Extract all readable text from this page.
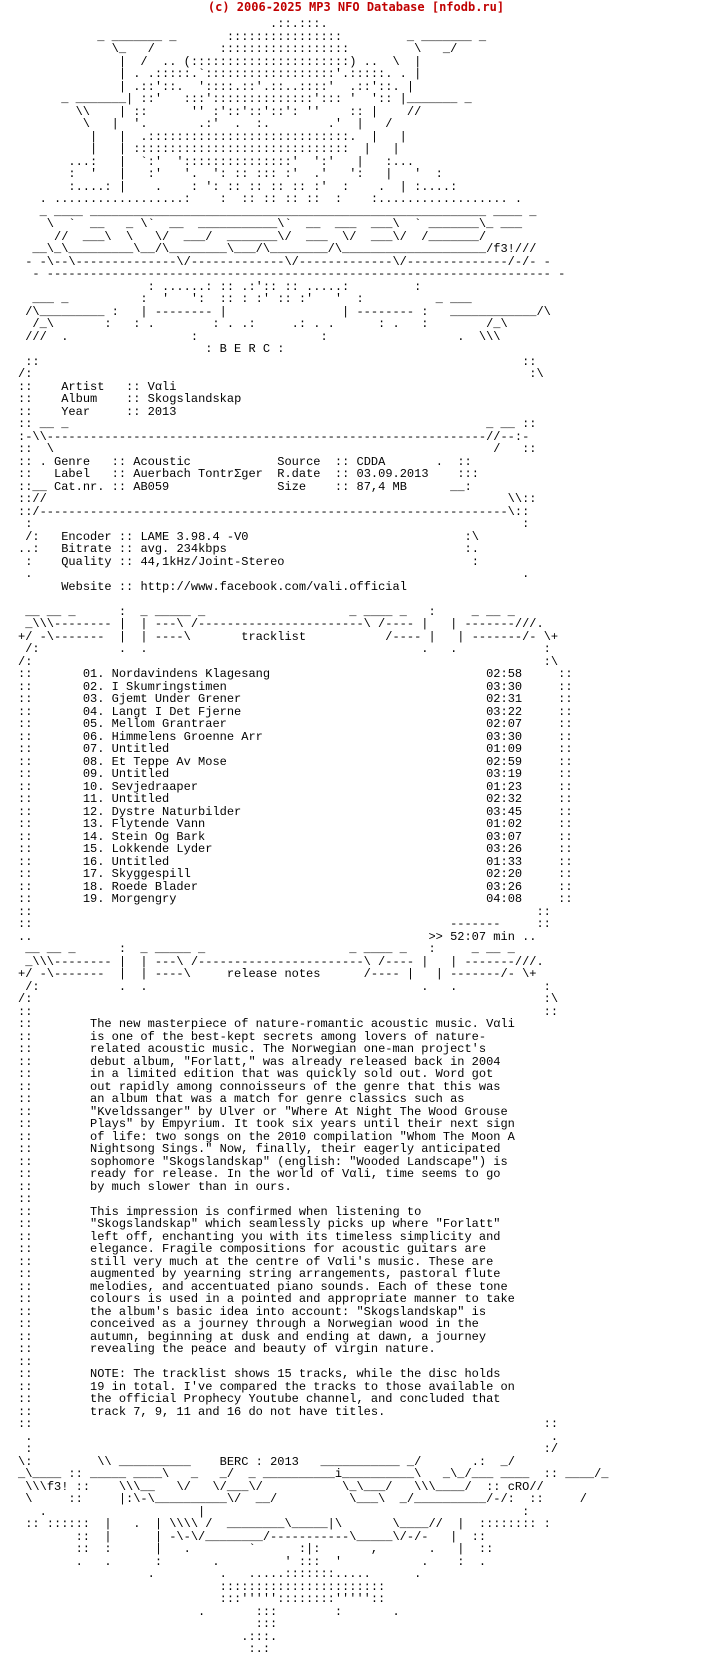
(c) 2006-2025 MP3 NFO Database [nfodb.ru]
.::.:::.
_ _______ _       ::::::::::::::::         _ _______ _
\_   /         ::::::::::::::::::         \   _/
|  /  .. (::::::::::::::::::::::) ..  \  |
| . .:::::.`::::::::::::::::::'.:::::. . |
| .::'::.  '::::.::'.::..::::'  .::'::. |
_ _______| ::'   :::'::::::::::::::'::: '  ':: |_______ _
\\    | ::      '' :'::'::'::': ''    :: |    //
\   |  '.       .:'  .  :.        .'  |   /
|   |  .::::::::::::::::::::::::::::.  |   |
|   | ::::::::::::::::::::::::::::::  |   |
...:   |  `:'  ':::::::::::::::'  ':'   |   :...
:  '   |   :'   '.  ': :: ::: :'  .'   ':   |   '  :
:....: |    .    : ': :: :: :: :: :'  :    .  | :....:
. ..................:    :  :: :: :: ::  :    :.................. .
_ ____ _______________________________________________________ ____ _
\  `  __   _ \`  __  ___________\`  __  ___  ___\  ` _______\_ ___
//  ___\  \   \/  ___/  _______\/  ___  \/  ___\/  /_______/
__\_\_________\__/\________\___/\________/\____________________/f3!///
- -\--\--------------\/-------------\/-------------\/--------------/-/- -
- ---------------------------------------------------------------------- -
: ......: :: .:':: :: .....:         :
___ _          :  '   ':  :: : :' :: :'   '  :          _ ___
/\_________ :   | -------- |                | -------- :   ____________/\
/_\       :   : .        : . .:     .: . .      : .   :        /_\
///  .                 :                 :                  .  \\\
: B E R C :
::                                                                   ::
/:                                                                     :\
::    Artist   :: Vαli
::    Album    :: Skogslandskap
::    Year     :: 2013
:: __ _                                                          _ __ ::
:-\\-------------------------------------------------------------//--:-
::  \                                                             /   ::
:: . Genre   :: Acoustic	Source  :: CDDA	.  ::
::   Label   :: Auerbach TontrΣger R.date  :: 03.09.2013    :::
::__ Cat.nr. :: AB059	Size    :: 87,4 MB	__:
:://                                                                \\::
::/-----------------------------------------------------------------\::
:                                                                    :
/:   Encoder :: LAME 3.98.4 -V0	:\
..:   Bitrate :: avg. 234kbps	:.
:    Quality :: 44,1kHz/Joint-Stereo	:
.                                                                    .
Website :: http://www.facebook.com/vali.official

__ __ _      :  _ _____ _                    _ ____ _   :     _ __ _
_\\\-------- |  | ---\ /-----------------------\ /---- |   | -------///.
+/ -\-------  |  | ----\	tracklist	/---- |   | -------/- \+
/:           .  .                                      .   .            :
/:                                                                       :\
::       01. Nordavindens Klagesang	02:58	::
::       02. I Skumringstimen	03:30	::
::       03. Gjemt Under Grener	02:31	::
::       04. Langt I Det Fjerne	03:22	::
::       05. Mellom Grantraer	02:07	::
::       06. Himmelens Groenne Arr	03:30	::
::       07. Untitled	01:09	::
::       08. Et Teppe Av Mose	02:59	::
::       09. Untitled	03:19	::
::       10. Sevjedraaper	01:23	::
::       11. Untitled	02:32	::
::       12. Dystre Naturbilder	03:45	::
::       13. Flytende Vann	01:02	::
::       14. Stein Og Bark	03:07	::
::       15. Lokkende Lyder	03:26	::
::       16. Untitled	01:33	::
::       17. Skyggespill	02:20	::
::       18. Roede Blader	03:26	::
::       19. Morgengry	04:08	::
::                                                                      ::
::                                                          -------     ::
..                                                       >> 52:07 min ..
__ __ _      :  _ _____ _                    _ ____ _   :     _ __ _
_\\\-------- |  | ---\ /-----------------------\ /---- |   | -------///.
+/ -\-------  |  | ----\	release notes	/---- |   | -------/- \+
/:           .  .                                      .   .            :
/:                                                                       :\
::                                                                       ::
::        The new masterpiece of nature-romantic acoustic music. Vαli
::        is one of the best-kept secrets among lovers of nature-
::        related acoustic music. The Norwegian one-man project's
::        debut album, "Forlatt," was already released back in 2004
::        in a limited edition that was quickly sold out. Word got
::        out rapidly among connoisseurs of the genre that this was
::        an album that was a match for genre classics such as
::        "Kveldssanger" by Ulver or "Where At Night The Wood Grouse
::        Plays" by Empyrium. It took six years until their next sign
::        of life: two songs on the 2010 compilation "Whom The Moon A
::        Nightsong Sings." Now, finally, their eagerly anticipated
::        sophomore "Skogslandskap" (english: "Wooded Landscape") is
::        ready for release. In the world of Vαli, time seems to go
::        by much slower than in ours.
::
::        This impression is confirmed when listening to
::        "Skogslandskap" which seamlessly picks up where "Forlatt"
::        left off, enchanting you with its timeless simplicity and
::        elegance. Fragile compositions for acoustic guitars are
::        still very much at the centre of Vαli's music. These are
::        augmented by yearning string arrangements, pastoral flute
::        melodies, and accentuated piano sounds. Each of these tone
::        colours is used in a pointed and appropriate manner to take
::        the album's basic idea into account: "Skogslandskap" is
::        conceived as a journey through a Norwegian wood in the
::        autumn, beginning at dusk and ending at dawn, a journey
::        revealing the peace and beauty of virgin nature.
::
::        NOTE: The tracklist shows 15 tracks, while the disc holds
::        19 in total. I've compared the tracks to those available on
::        the official Prophecy Youtube channel, and concluded that
::        track 7, 9, 11 and 16 do not have titles.
::                                                                       ::
.                                                                        .
:                                                                       :/
\:         \\ __________    BERC : 2013   ___________ _/       .:  _/
_\____ :: _____ ____\   _   _/  _ __________i__________\   _\_/___ ____  :: ____/_
\\\f3! ::    \\\__   \/   \/___\/           \_\___/   \\\____/  :: cRO//
\     ::     |:\-\__________\/  __/          \___\  _/__________/-/:  ::     /
.                     |                                            :
:: ::::::  |   .  | \\\\ /  ________\_____|\       \____//  |  :::::::: :
::  |      | -\-\/________/-----------\_____\/-/-   |  ::
::  :      |   .        `      :|:       ,       .   |  ::
.   .      :       .         ' :::  '           .    :  .
.         .   .....:::::::.....      .
:::::::::::::::::::::::
:::'''''::::::::'''''::
.       :::        :       .
:::
.:::.
:.:
